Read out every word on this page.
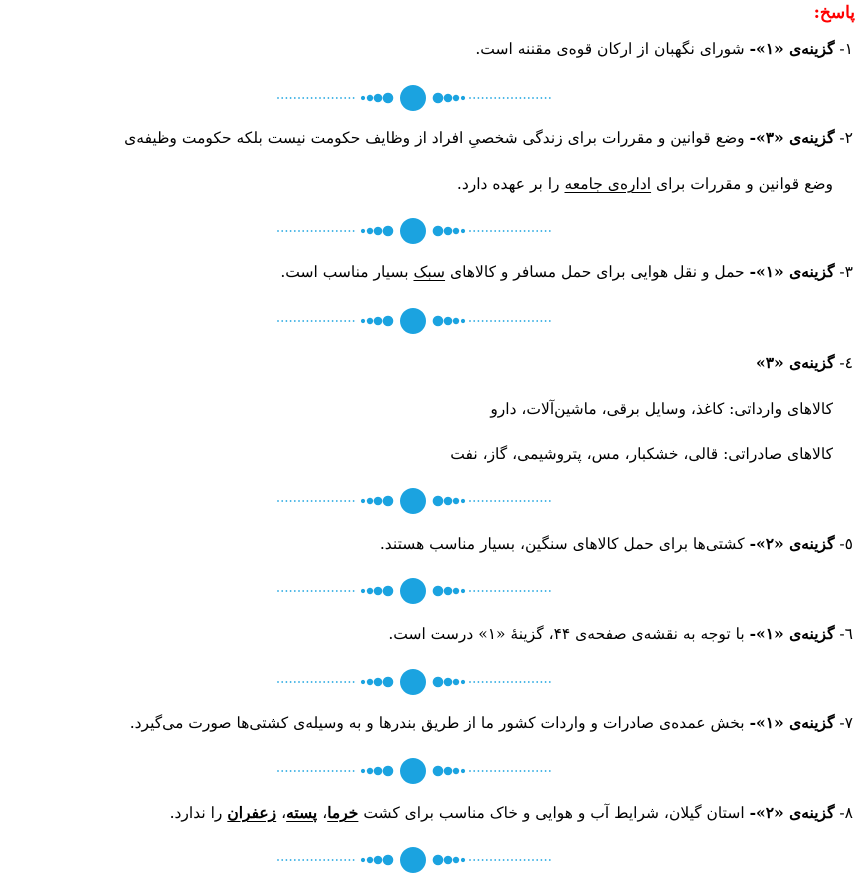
پاسخ:
۱- گزینه‌ی «۱»- شورای نگهبان از ارکان قوه‌ی مقننه است.
۲- گزینه‌ی «۳»- وضع قوانین و مقررات برای زندگی شخصیِ افراد از وظایف حکومت نیست بلکه حکومت وظیفه‌ی
وضع قوانین و مقررات برای اداره‌ی جامعه را بر عهده دارد.
۳- گزینه‌ی «۱»- حمل و نقل هوایی برای حمل مسافر و کالاهای سبک بسیار مناسب است.
٤- گزینه‌ی «۳»
کالاهای وارداتی: کاغذ، وسایل برقی، ماشین‌آلات، دارو
کالاهای صادراتی: قالی، خشکبار، مس، پتروشیمی، گاز، نفت
٥- گزینه‌ی «۲»- کشتی‌ها برای حمل کالاهای سنگین، بسیار مناسب هستند.
٦- گزینه‌ی «۱»- با توجه به نقشه‌ی صفحه‌ی ۴۴، گزینهٔ «۱» درست است.
۷- گزینه‌ی «۱»- بخش عمده‌ی صادرات و واردات کشور ما از طریق بندرها و به وسیله‌ی کشتی‌ها صورت می‌گیرد.
۸- گزینه‌ی «۲»- استان گیلان، شرایط آب و هوایی و خاک مناسب برای کشت خرما، پسته، زعفران را ندارد.
